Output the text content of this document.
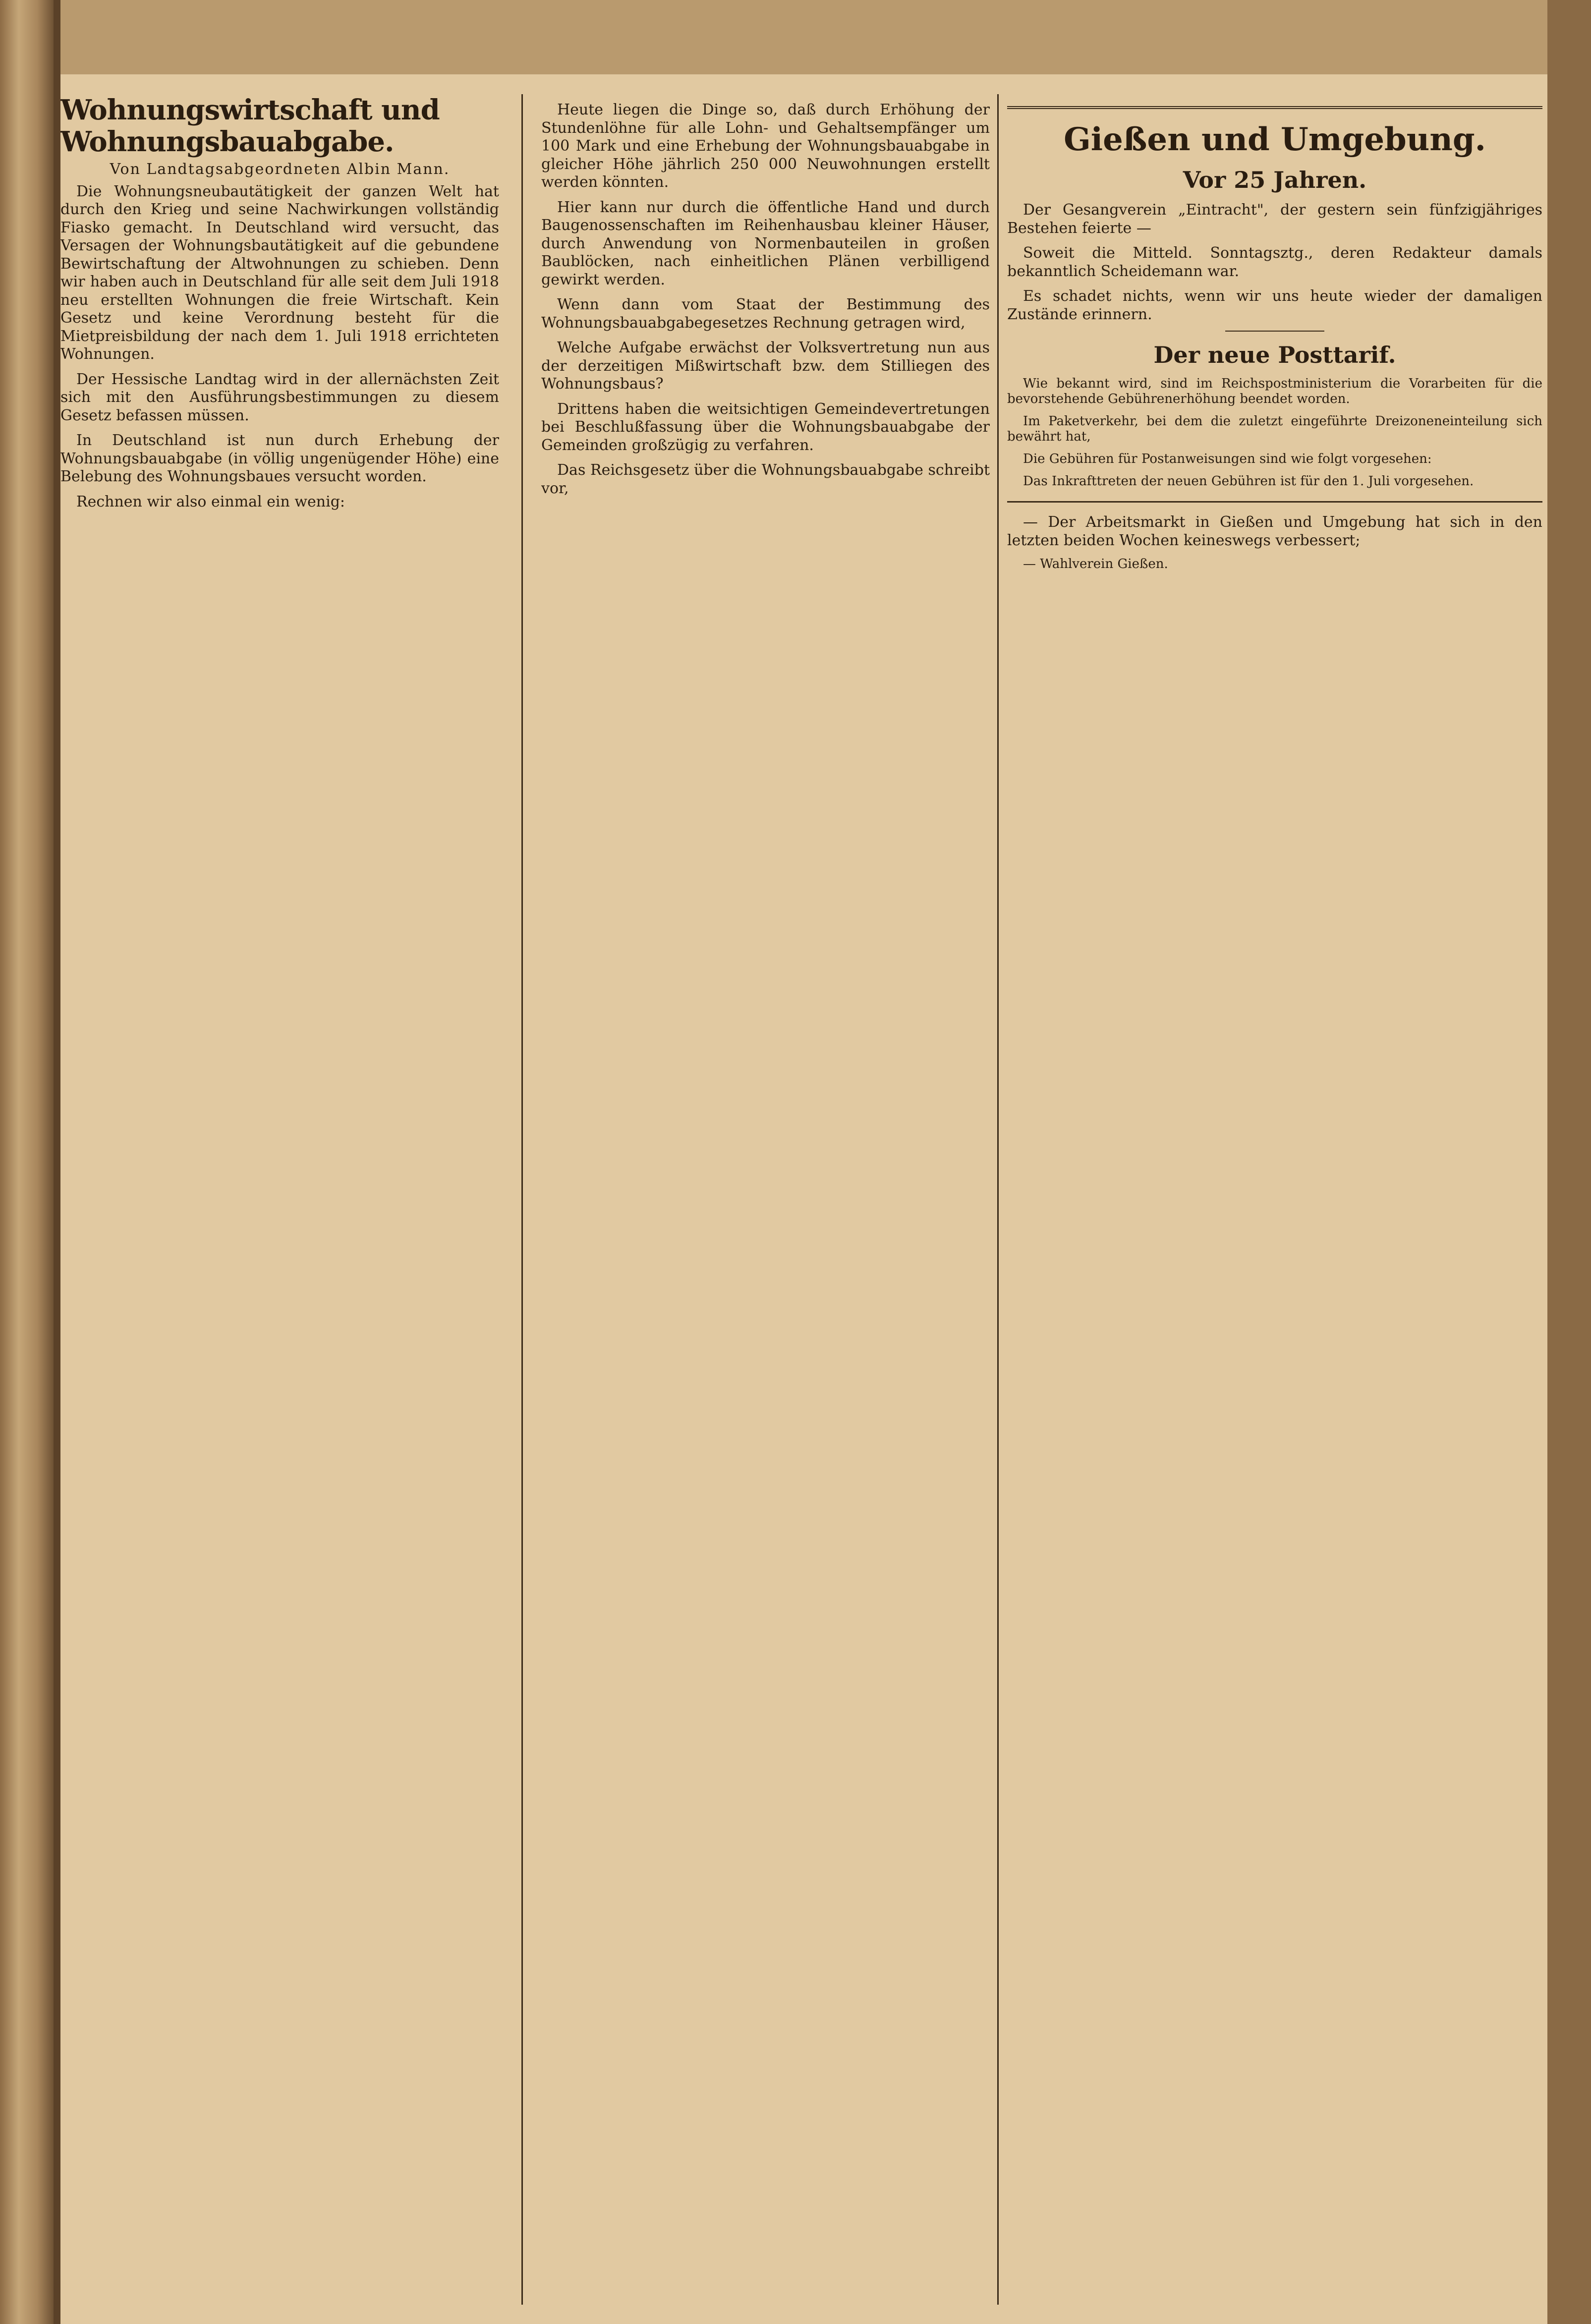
Wohnungswirtschaft und Wohnungsbauabgabe.
Von Landtagsabgeordneten Albin Mann.

Die Wohnungsneubautätigkeit der ganzen Welt hat durch den Krieg und seine Nachwirkungen vollständig Fiasko gemacht. In Deutschland wird versucht, das Versagen der Wohnungsbautätigkeit auf die gebundene Bewirtschaftung der Altwohnungen zu schieben. Denn wir haben auch in Deutschland für alle seit dem Juli 1918 neu erstellten Wohnungen die freie Wirtschaft. Kein Gesetz und keine Verordnung besteht für die Mietpreisbildung der nach dem 1. Juli 1918 errichteten Wohnungen.

Der Hessische Landtag wird in der allernächsten Zeit sich mit den Ausführungsbestimmungen zu diesem Gesetz befassen müssen.

In Deutschland ist nun durch Erhebung der Wohnungsbauabgabe (in völlig ungenügender Höhe) eine Belebung des Wohnungsbaues versucht worden.

Rechnen wir also einmal ein wenig:

Heute liegen die Dinge so, daß durch Erhöhung der Stundenlöhne für alle Lohn- und Gehaltsempfänger um 100 Mark und eine Erhebung der Wohnungsbauabgabe in gleicher Höhe jährlich 250 000 Neuwohnungen erstellt werden könnten.

Hier kann nur durch die öffentliche Hand und durch Baugenossenschaften im Reihenhausbau kleiner Häuser, durch Anwendung von Normenbauteilen in großen Baublöcken, nach einheitlichen Plänen verbilligend gewirkt werden.

Wenn dann vom Staat der Bestimmung des Wohnungsbauabgabegesetzes Rechnung getragen wird,

Welche Aufgabe erwächst der Volksvertretung nun aus der derzeitigen Mißwirtschaft bzw. dem Stilliegen des Wohnungsbaus?

Drittens haben die weitsichtigen Gemeindevertretungen bei Beschlußfassung über die Wohnungsbauabgabe der Gemeinden großzügig zu verfahren.

Das Reichsgesetz über die Wohnungsbauabgabe schreibt vor,

Gießen und Umgebung.
Vor 25 Jahren.

Der Gesangverein „Eintracht", der gestern sein fünfzigjähriges Bestehen feierte —

Soweit die Mitteld. Sonntagsztg., deren Redakteur damals bekanntlich Scheidemann war.

Es schadet nichts, wenn wir uns heute wieder der damaligen Zustände erinnern.

Der neue Posttarif.

Wie bekannt wird, sind im Reichspostministerium die Vorarbeiten für die bevorstehende Gebührenerhöhung beendet worden.

Im Paketverkehr, bei dem die zuletzt eingeführte Dreizoneneinteilung sich bewährt hat,

Die Gebühren für Postanweisungen sind wie folgt vorgesehen:

Das Inkrafttreten der neuen Gebühren ist für den 1. Juli vorgesehen.

— Der Arbeitsmarkt in Gießen und Umgebung hat sich in den letzten beiden Wochen keineswegs verbessert;

— Wahlverein Gießen.
